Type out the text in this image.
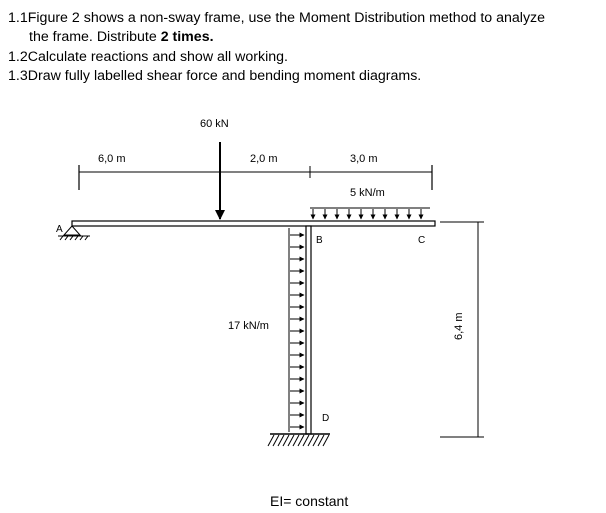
1.1Figure 2 shows a non-sway frame, use the Moment Distribution method to analyze
the frame. Distribute 2 times.
1.2Calculate reactions and show all working.
1.3Draw fully labelled shear force and bending moment diagrams.
6,0 m	2,0 m	3,0 m
60 kN
A
5 kN/m
B	C
17 kN/m
D
6,4 m
EI= constant
